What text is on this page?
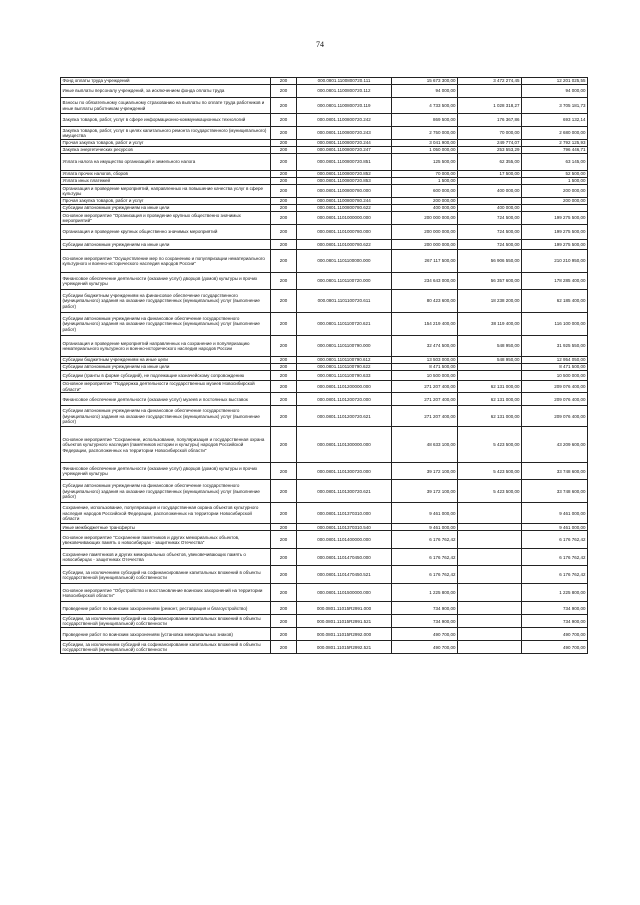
74
Фонд оплаты труда учреждений	200	000.0801.1100800720.111	15 673 300,00	3 472 274,45	12 201 025,55
Иные выплаты персоналу учреждений, за исключением фонда оплаты труда	200	000.0801.1100800720.112	94 000,00		94 000,00
Взносы по обязательному социальному страхованию на выплаты по оплате труда работников и иные выплаты работникам учреждений	200	000.0801.1100800720.119	4 733 500,00	1 028 318,27	3 705 181,73
Закупка товаров, работ, услуг в сфере информационно-коммуникационных технологий	200	000.0801.1100800720.242	869 500,00	176 367,86	693 132,14
Закупка товаров, работ, услуг в целях капитального ремонта государственного (муниципального) имущества	200	000.0801.1100800720.243	2 750 000,00	70 000,00	2 680 000,00
Прочая закупка товаров, работ и услуг	200	000.0801.1100800720.244	3 041 900,00	249 774,07	2 792 125,93
Закупка энергетических ресурсов	200	000.0801.1100800720.247	1 050 000,00	253 553,29	796 446,71
Уплата налога на имущество организаций и земельного налога	200	000.0801.1100800720.851	125 500,00	62 355,00	63 145,00
Уплата прочих налогов, сборов	200	000.0801.1100800720.852	70 000,00	17 500,00	52 500,00
Уплата иных платежей	200	000.0801.1100800720.853	1 500,00		1 500,00
Организация и проведение мероприятий, направленных на повышение качества услуг в сфере культуры	200	000.0801.1100800780.000	600 000,00	400 000,00	200 000,00
Прочая закупка товаров, работ и услуг	200	000.0801.1100800780.244	200 000,00		200 000,00
Субсидии автономным учреждениям на иные цели	200	000.0801.1100800780.622	400 000,00	400 000,00	
Основное мероприятие "Организация и проведение крупных общественно значимых мероприятий"	200	000.0801.1101000000.000	200 000 000,00	724 500,00	199 275 500,00
Организация и проведение крупных общественно значимых мероприятий	200	000.0801.1101000780.000	200 000 000,00	724 500,00	199 275 500,00
Субсидии автономным учреждениям на иные цели	200	000.0801.1101000780.622	200 000 000,00	724 500,00	199 275 500,00
Основное мероприятие "Осуществление мер по сохранению и популяризации нематериального культурного и военно-исторического наследия народов России"	200	000.0801.1101100000.000	267 117 500,00	56 906 550,00	210 210 950,00
Финансовое обеспечение деятельности (оказание услуг) дворцов (домов) культуры и прочих учреждений культуры	200	000.0801.1101100720.000	234 643 000,00	56 357 600,00	178 285 400,00
Субсидии бюджетным учреждениям на финансовое обеспечение государственного (муниципального) задания на оказание государственных (муниципальных) услуг (выполнение работ)	200	000.0801.1101100720.611	80 423 600,00	18 238 200,00	62 185 400,00
Субсидии автономным учреждениям на финансовое обеспечение государственного (муниципального) задания на оказание государственных (муниципальных) услуг (выполнение работ)	200	000.0801.1101100720.621	154 219 400,00	38 119 400,00	116 100 000,00
Организация и проведение мероприятий направленных на сохранение и популяризацию нематериального культурного и военно-исторического наследия народов России	200	000.0801.1101100790.000	32 474 500,00	548 950,00	31 925 550,00
Субсидии бюджетным учреждениям на иные цели	200	000.0801.1101100790.612	13 503 000,00	548 950,00	12 954 050,00
Субсидии автономным учреждениям на иные цели	200	000.0801.1101100790.622	8 471 500,00		8 471 500,00
Субсидии (гранты в форме субсидий), не подлежащие казначейскому сопровождению	200	000.0801.1101100790.633	10 500 000,00		10 500 000,00
Основное мероприятие "Поддержка деятельности государственных музеев Новосибирской области"	200	000.0801.1101200000.000	271 207 400,00	62 131 000,00	209 076 400,00
Финансовое обеспечение деятельности (оказание услуг) музеев и постоянных выставок	200	000.0801.1101200720.000	271 207 400,00	62 131 000,00	209 076 400,00
Субсидии автономным учреждениям на финансовое обеспечение государственного (муниципального) задания на оказание государственных (муниципальных) услуг (выполнение работ)	200	000.0801.1101200720.621	271 207 400,00	62 131 000,00	209 076 400,00
Основное мероприятие "Сохранение, использование, популяризация и государственная охрана объектов культурного наследия (памятников истории и культуры) народов Российской Федерации, расположенных на территории Новосибирской области"	200	000.0801.1101300000.000	48 633 100,00	5 423 500,00	43 209 600,00
Финансовое обеспечение деятельности (оказание услуг) дворцов (домов) культуры и прочих учреждений культуры	200	000.0801.1101300720.000	39 172 100,00	5 423 500,00	33 748 600,00
Субсидии автономным учреждениям на финансовое обеспечение государственного (муниципального) задания на оказание государственных (муниципальных) услуг (выполнение работ)	200	000.0801.1101300720.621	39 172 100,00	5 423 500,00	33 748 600,00
Сохранение, использование, популяризация и государственная охрана объектов культурного наследия народов Российской Федерации, расположенных на территории Новосибирской области	200	000.0801.1101370310.000	9 461 000,00		9 461 000,00
Иные межбюджетные трансферты	200	000.0801.1101370310.540	9 461 000,00		9 461 000,00
Основное мероприятие "Сохранение памятников и других мемориальных объектов, увековечивающих память о новосибирцах - защитниках Отечества"	200	000.0801.1101400000.000	6 176 762,42		6 176 762,42
Сохранение памятников и других мемориальных объектов, увековечивающих память о новосибирцах - защитниках Отечества	200	000.0801.1101470450.000	6 176 762,42		6 176 762,42
Субсидии, за исключением субсидий на софинансирование капитальных вложений в объекты государственной (муниципальной) собственности	200	000.0801.1101470450.521	6 176 762,42		6 176 762,42
Основное мероприятие "Обустройство и восстановление воинских захоронений на территории Новосибирской области"	200	000.0801.1101500000.000	1 225 800,00		1 225 800,00
Проведение работ по воинским захоронениям (ремонт, реставрация и благоустройство)	200	000.0801.11015R2991.000	734 900,00		734 900,00
Субсидии, за исключением субсидий на софинансирование капитальных вложений в объекты государственной (муниципальной) собственности	200	000.0801.11015R2991.521	734 900,00		734 900,00
Проведение работ по воинским захоронениям (установка мемориальных знаков)	200	000.0801.11015R2992.000	490 700,00		490 700,00
Субсидии, за исключением субсидий на софинансирование капитальных вложений в объекты государственной (муниципальной) собственности	200	000.0801.11015R2992.521	490 700,00		490 700,00
